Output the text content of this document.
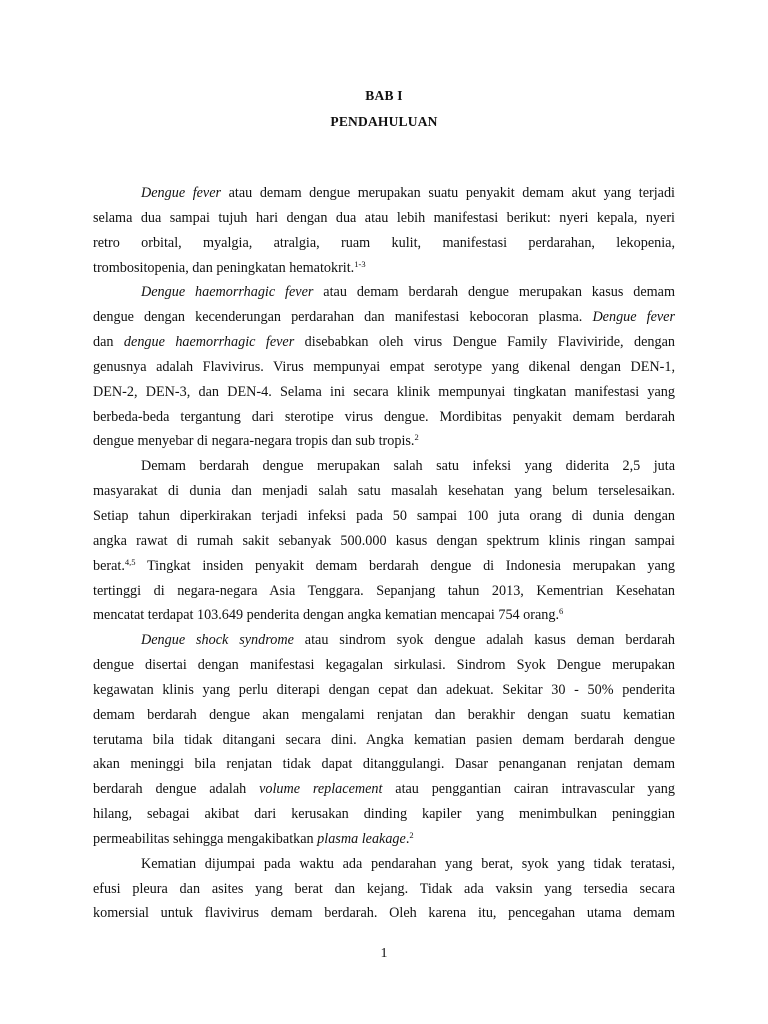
BAB I
PENDAHULUAN
Dengue fever atau demam dengue merupakan suatu penyakit demam akut yang terjadi
selama dua sampai tujuh hari dengan dua atau lebih manifestasi berikut: nyeri kepala, nyeri
retro orbital, myalgia, atralgia, ruam kulit, manifestasi perdarahan, lekopenia,
trombositopenia, dan peningkatan hematokrit.$^{1-3}$
Dengue haemorrhagic fever atau demam berdarah dengue merupakan kasus demam
dengue dengan kecenderungan perdarahan dan manifestasi kebocoran plasma. Dengue fever
dan dengue haemorrhagic fever disebabkan oleh virus Dengue Family Flaviviride, dengan
genusnya adalah Flavivirus. Virus mempunyai empat serotype yang dikenal dengan DEN-1,
DEN-2, DEN-3, dan DEN-4. Selama ini secara klinik mempunyai tingkatan manifestasi yang
berbeda-beda tergantung dari sterotipe virus dengue. Mordibitas penyakit demam berdarah
dengue menyebar di negara-negara tropis dan sub tropis.$^2$
Demam berdarah dengue merupakan salah satu infeksi yang diderita 2,5 juta
masyarakat di dunia dan menjadi salah satu masalah kesehatan yang belum terselesaikan.
Setiap tahun diperkirakan terjadi infeksi pada 50 sampai 100 juta orang di dunia dengan
angka rawat di rumah sakit sebanyak 500.000 kasus dengan spektrum klinis ringan sampai
berat.$^{4,5}$ Tingkat insiden penyakit demam berdarah dengue di Indonesia merupakan yang
tertinggi di negara-negara Asia Tenggara. Sepanjang tahun 2013, Kementrian Kesehatan
mencatat terdapat 103.649 penderita dengan angka kematian mencapai 754 orang.$^6$
Dengue shock syndrome atau sindrom syok dengue adalah kasus deman berdarah
dengue disertai dengan manifestasi kegagalan sirkulasi. Sindrom Syok Dengue merupakan
kegawatan klinis yang perlu diterapi dengan cepat dan adekuat. Sekitar 30 - 50% penderita
demam berdarah dengue akan mengalami renjatan dan berakhir dengan suatu kematian
terutama bila tidak ditangani secara dini. Angka kematian pasien demam berdarah dengue
akan meninggi bila renjatan tidak dapat ditanggulangi. Dasar penanganan renjatan demam
berdarah dengue adalah volume replacement atau penggantian cairan intravascular yang
hilang, sebagai akibat dari kerusakan dinding kapiler yang menimbulkan peninggian
permeabilitas sehingga mengakibatkan plasma leakage.$^2$
Kematian dijumpai pada waktu ada pendarahan yang berat, syok yang tidak teratasi,
efusi pleura dan asites yang berat dan kejang. Tidak ada vaksin yang tersedia secara
komersial untuk flavivirus demam berdarah. Oleh karena itu, pencegahan utama demam
1
